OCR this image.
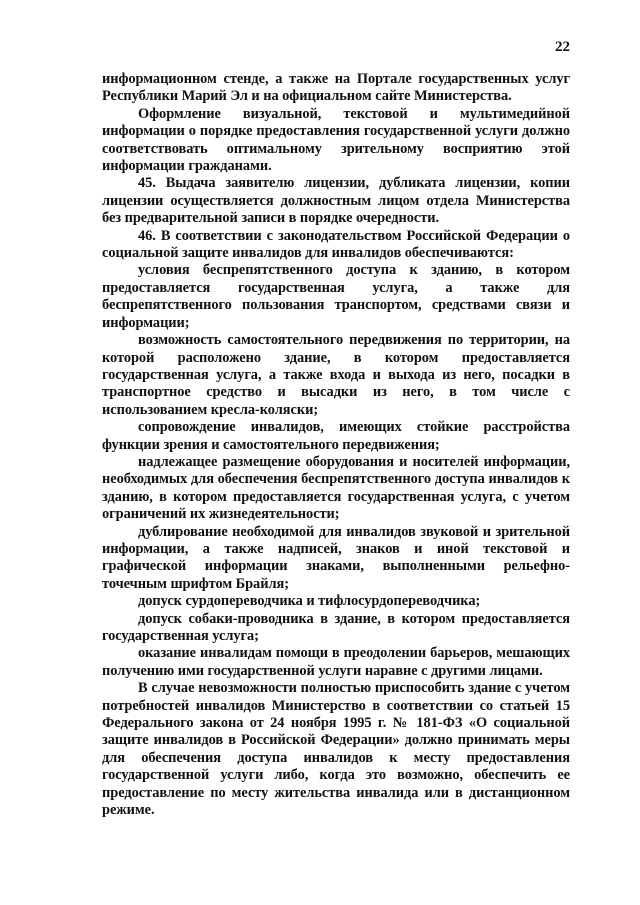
22

информационном стенде, а также на Портале государственных услуг Республики Марий Эл и на официальном сайте Министерства.

Оформление визуальной, текстовой и мультимедийной информации о порядке предоставления государственной услуги должно соответствовать оптимальному зрительному восприятию этой информации гражданами.

45. Выдача заявителю лицензии, дубликата лицензии, копии лицензии осуществляется должностным лицом отдела Министерства без предварительной записи в порядке очередности.

46. В соответствии с законодательством Российской Федерации о социальной защите инвалидов для инвалидов обеспечиваются:

условия беспрепятственного доступа к зданию, в котором предоставляется государственная услуга, а также для беспрепятственного пользования транспортом, средствами связи и информации;

возможность самостоятельного передвижения по территории, на которой расположено здание, в котором предоставляется государственная услуга, а также входа и выхода из него, посадки в транспортное средство и высадки из него, в том числе с использованием кресла-коляски;

сопровождение инвалидов, имеющих стойкие расстройства функции зрения и самостоятельного передвижения;

надлежащее размещение оборудования и носителей информации, необходимых для обеспечения беспрепятственного доступа инвалидов к зданию, в котором предоставляется государственная услуга, с учетом ограничений их жизнедеятельности;

дублирование необходимой для инвалидов звуковой и зрительной информации, а также надписей, знаков и иной текстовой и графической информации знаками, выполненными рельефно-точечным шрифтом Брайля;

допуск сурдопереводчика и тифлосурдопереводчика;

допуск собаки-проводника в здание, в котором предоставляется государственная услуга;

оказание инвалидам помощи в преодолении барьеров, мешающих получению ими государственной услуги наравне с другими лицами.

В случае невозможности полностью приспособить здание с учетом потребностей инвалидов Министерство в соответствии со статьей 15 Федерального закона от 24 ноября 1995 г. № 181-ФЗ «О социальной защите инвалидов в Российской Федерации» должно принимать меры для обеспечения доступа инвалидов к месту предоставления государственной услуги либо, когда это возможно, обеспечить ее предоставление по месту жительства инвалида или в дистанционном режиме.
